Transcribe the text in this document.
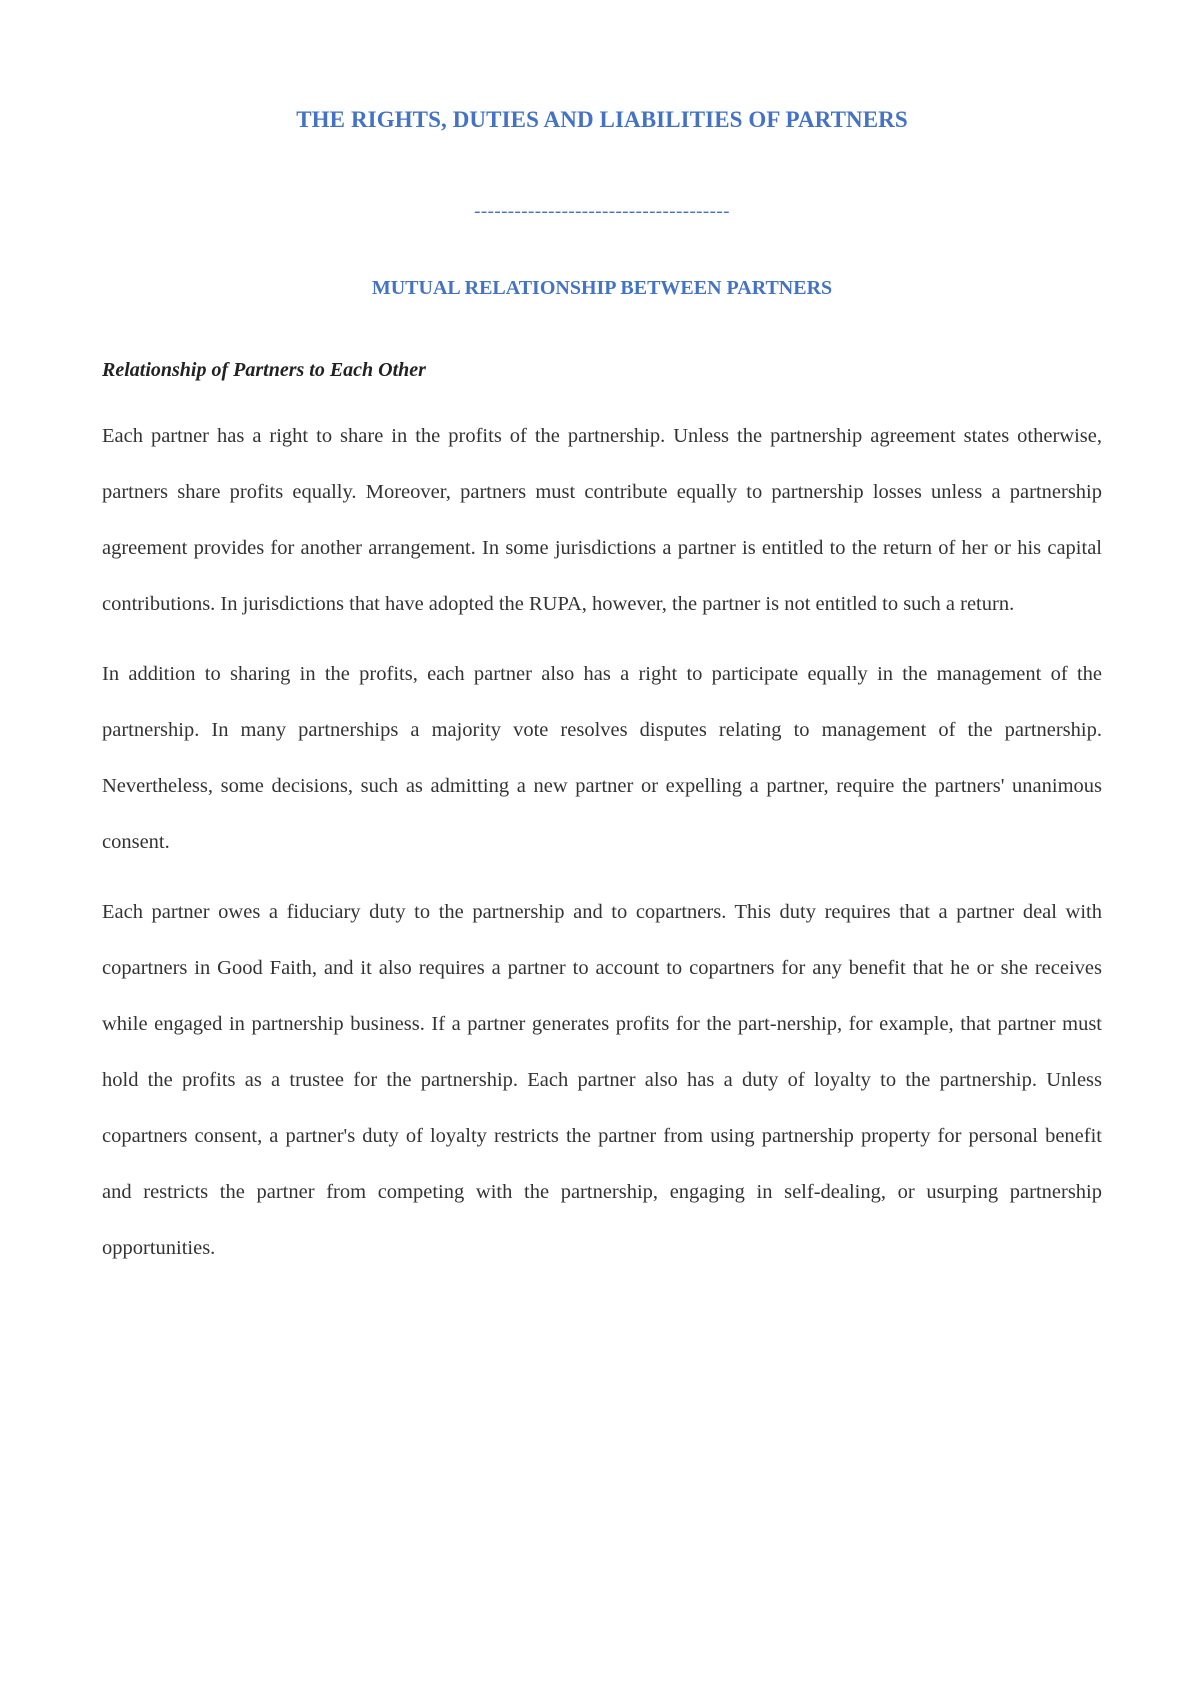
THE RIGHTS, DUTIES AND LIABILITIES OF PARTNERS
--------------------------------------
MUTUAL RELATIONSHIP BETWEEN PARTNERS
Relationship of Partners to Each Other

Each partner has a right to share in the profits of the partnership. Unless the partnership agreement states otherwise, partners share profits equally. Moreover, partners must contribute equally to partnership losses unless a partnership agreement provides for another arrangement. In some jurisdictions a partner is entitled to the return of her or his capital contributions. In jurisdictions that have adopted the RUPA, however, the partner is not entitled to such a return.

In addition to sharing in the profits, each partner also has a right to participate equally in the management of the partnership. In many partnerships a majority vote resolves disputes relating to management of the partnership. Nevertheless, some decisions, such as admitting a new partner or expelling a partner, require the partners' unanimous consent.

Each partner owes a fiduciary duty to the partnership and to copartners. This duty requires that a partner deal with copartners in Good Faith, and it also requires a partner to account to copartners for any benefit that he or she receives while engaged in partnership business. If a partner generates profits for the part-nership, for example, that partner must hold the profits as a trustee for the partnership. Each partner also has a duty of loyalty to the partnership. Unless copartners consent, a partner's duty of loyalty restricts the partner from using partnership property for personal benefit and restricts the partner from competing with the partnership, engaging in self-dealing, or usurping partnership opportunities.
